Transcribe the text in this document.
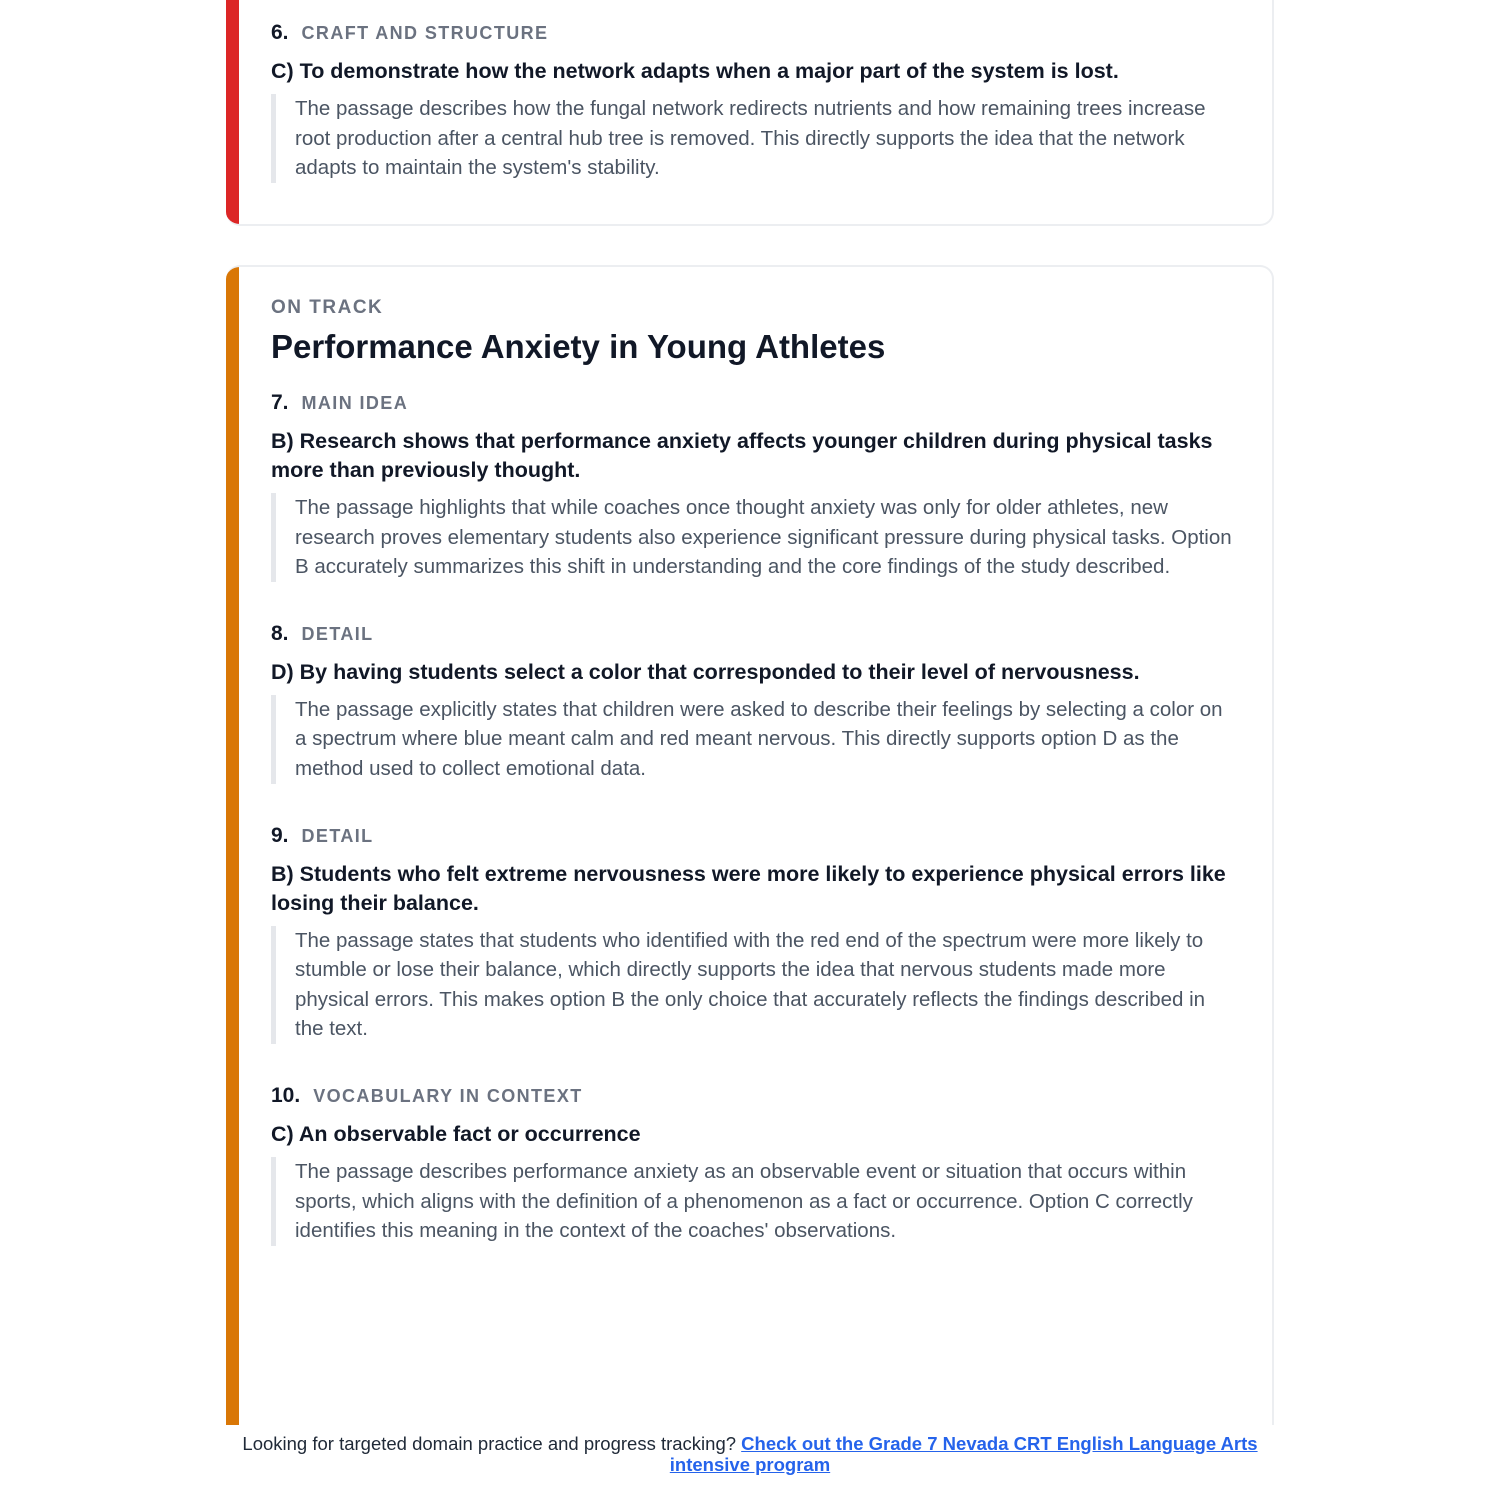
6. CRAFT AND STRUCTURE

C) To demonstrate how the network adapts when a major part of the system is lost.

The passage describes how the fungal network redirects nutrients and how remaining trees increase root production after a central hub tree is removed. This directly supports the idea that the network adapts to maintain the system's stability.

ON TRACK
Performance Anxiety in Young Athletes
7. MAIN IDEA

B) Research shows that performance anxiety affects younger children during physical tasks more than previously thought.

The passage highlights that while coaches once thought anxiety was only for older athletes, new research proves elementary students also experience significant pressure during physical tasks. Option B accurately summarizes this shift in understanding and the core findings of the study described.

8. DETAIL

D) By having students select a color that corresponded to their level of nervousness.

The passage explicitly states that children were asked to describe their feelings by selecting a color on a spectrum where blue meant calm and red meant nervous. This directly supports option D as the method used to collect emotional data.

9. DETAIL

B) Students who felt extreme nervousness were more likely to experience physical errors like losing their balance.

The passage states that students who identified with the red end of the spectrum were more likely to stumble or lose their balance, which directly supports the idea that nervous students made more physical errors. This makes option B the only choice that accurately reflects the findings described in the text.

10. VOCABULARY IN CONTEXT

C) An observable fact or occurrence

The passage describes performance anxiety as an observable event or situation that occurs within sports, which aligns with the definition of a phenomenon as a fact or occurrence. Option C correctly identifies this meaning in the context of the coaches' observations.

Looking for targeted domain practice and progress tracking? Check out the Grade 7 Nevada CRT English Language Arts intensive program
